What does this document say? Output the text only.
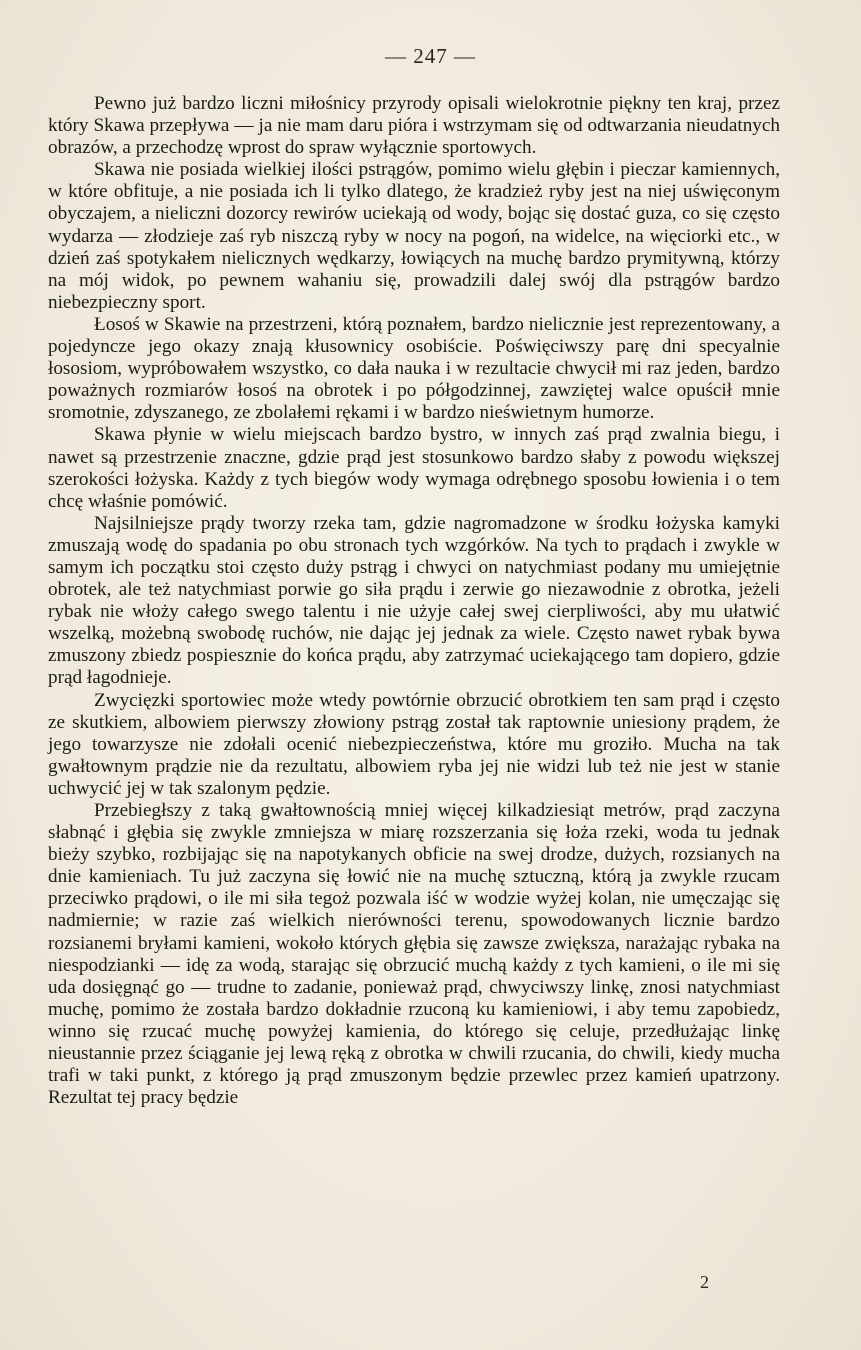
— 247 —

Pewno już bardzo liczni miłośnicy przyrody opisali wielokrotnie piękny ten kraj, przez który Skawa przepływa — ja nie mam daru pióra i wstrzymam się od odtwarzania nieudatnych obrazów, a przechodzę wprost do spraw wyłącznie sportowych.

Skawa nie posiada wielkiej ilości pstrągów, pomimo wielu głębin i pieczar kamiennych, w które obfituje, a nie posiada ich li tylko dlatego, że kradzież ryby jest na niej uświęconym obyczajem, a nieliczni dozorcy rewirów uciekają od wody, bojąc się dostać guza, co się często wydarza — złodzieje zaś ryb niszczą ryby w nocy na pogoń, na widelce, na więciorki etc., w dzień zaś spotykałem nielicznych wędkarzy, łowiących na muchę bardzo prymitywną, którzy na mój widok, po pewnem wahaniu się, prowadzili dalej swój dla pstrągów bardzo niebezpieczny sport.

Łosoś w Skawie na przestrzeni, którą poznałem, bardzo nielicznie jest reprezentowany, a pojedyncze jego okazy znają kłusownicy osobiście. Poświęciwszy parę dni specyalnie łososiom, wypróbowałem wszystko, co dała nauka i w rezultacie chwycił mi raz jeden, bardzo poważnych rozmiarów łosoś na obrotek i po półgodzinnej, zawziętej walce opuścił mnie sromotnie, zdyszanego, ze zbolałemi rękami i w bardzo nieświetnym humorze.

Skawa płynie w wielu miejscach bardzo bystro, w innych zaś prąd zwalnia biegu, i nawet są przestrzenie znaczne, gdzie prąd jest stosunkowo bardzo słaby z powodu większej szerokości łożyska. Każdy z tych biegów wody wymaga odrębnego sposobu łowienia i o tem chcę właśnie pomówić.

Najsilniejsze prądy tworzy rzeka tam, gdzie nagromadzone w środku łożyska kamyki zmuszają wodę do spadania po obu stronach tych wzgórków. Na tych to prądach i zwykle w samym ich początku stoi często duży pstrąg i chwyci on natychmiast podany mu umiejętnie obrotek, ale też natychmiast porwie go siła prądu i zerwie go niezawodnie z obrotka, jeżeli rybak nie włoży całego swego talentu i nie użyje całej swej cierpliwości, aby mu ułatwić wszelką, możebną swobodę ruchów, nie dając jej jednak za wiele. Często nawet rybak bywa zmuszony zbiedz pospiesznie do końca prądu, aby zatrzymać uciekającego tam dopiero, gdzie prąd łagodnieje.

Zwycięzki sportowiec może wtedy powtórnie obrzucić obrotkiem ten sam prąd i często ze skutkiem, albowiem pierwszy złowiony pstrąg został tak raptownie uniesiony prądem, że jego towarzysze nie zdołali ocenić niebezpieczeństwa, które mu groziło. Mucha na tak gwałtownym prądzie nie da rezultatu, albowiem ryba jej nie widzi lub też nie jest w stanie uchwycić jej w tak szalonym pędzie.

Przebiegłszy z taką gwałtownością mniej więcej kilkadziesiąt metrów, prąd zaczyna słabnąć i głębia się zwykle zmniejsza w miarę rozszerzania się łoża rzeki, woda tu jednak bieży szybko, rozbijając się na napotykanych obficie na swej drodze, dużych, rozsianych na dnie kamieniach. Tu już zaczyna się łowić nie na muchę sztuczną, którą ja zwykle rzucam przeciwko prądowi, o ile mi siła tegoż pozwala iść w wodzie wyżej kolan, nie umęczając się nadmiernie; w razie zaś wielkich nierówności terenu, spowodowanych licznie bardzo rozsianemi bryłami kamieni, wokoło których głębia się zawsze zwiększa, narażając rybaka na niespodzianki — idę za wodą, starając się obrzucić muchą każdy z tych kamieni, o ile mi się uda dosięgnąć go — trudne to zadanie, ponieważ prąd, chwyciwszy linkę, znosi natychmiast muchę, pomimo że została bardzo dokładnie rzuconą ku kamieniowi, i aby temu zapobiedz, winno się rzucać muchę powyżej kamienia, do którego się celuje, przedłużając linkę nieustannie przez ściąganie jej lewą ręką z obrotka w chwili rzucania, do chwili, kiedy mucha trafi w taki punkt, z którego ją prąd zmuszonym będzie przewlec przez kamień upatrzony. Rezultat tej pracy będzie

2
